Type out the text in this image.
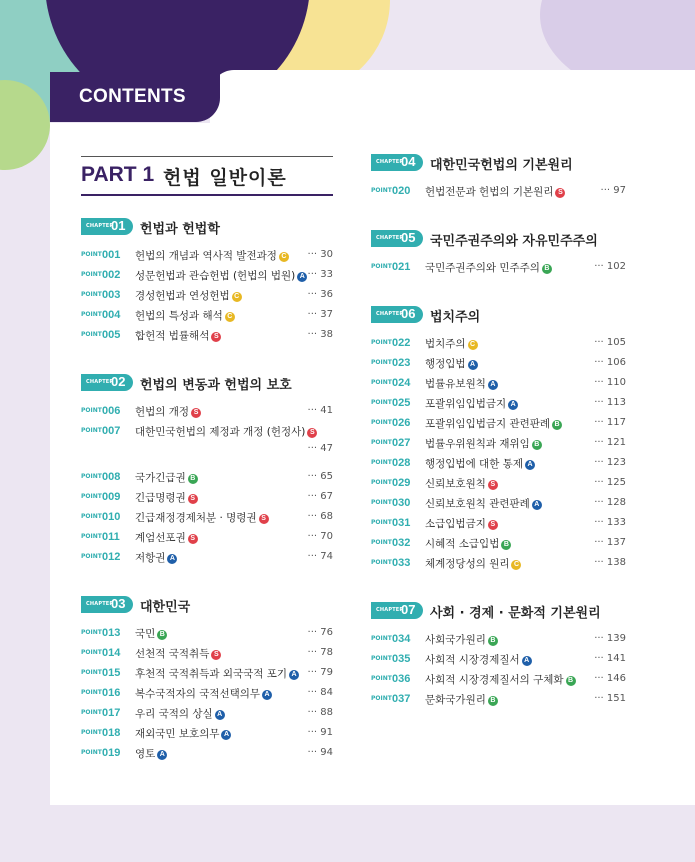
CONTENTS
PART 1 헌법 일반이론
CHAPTER
01 헌법과 헌법학
POINT 001 헌법의 개념과 역사적 발전과정 C ··· 30
POINT 002 성문헌법과 관습헌법 (헌법의 법원) A ··· 33
POINT 003 경성헌법과 연성헌법 C	··· 36
POINT 004 헌법의 특성과 해석 C	··· 37
POINT 005 합헌적 법률해석 S	··· 38
CHAPTER
02 헌법의 변동과 헌법의 보호
POINT 006 헌법의 개정 S	··· 41
POINT 007 대한민국헌법의 제정과 개정 (헌정사) S
··· 47
POINT 008 국가긴급권 B	··· 65
POINT 009 긴급명령권 S	··· 67
POINT 010 긴급재정경제처분 · 명령권 S	··· 68
POINT 011 계엄선포권 S	··· 70
POINT 012 저항권 A	··· 74
CHAPTER
03 대한민국
POINT 013 국민 B	··· 76
POINT 014 선천적 국적취득 S	··· 78
POINT 015 후천적 국적취득과 외국국적 포기 A ··· 79
POINT 016 복수국적자의 국적선택의무 A	··· 84
POINT 017 우리 국적의 상실 A	··· 88
POINT 018 재외국민 보호의무 A	··· 91
POINT 019 영토 A	··· 94
CHAPTER
04 대한민국헌법의 기본원리
POINT 020 헌법전문과 헌법의 기본원리 S	··· 97
CHAPTER
05 국민주권주의와 자유민주주의
POINT 021 국민주권주의와 민주주의 B	··· 102
CHAPTER
06 법치주의
POINT 022 법치주의 C	··· 105
POINT 023 행정입법 A	··· 106
POINT 024 법률유보원칙 A	··· 110
POINT 025 포괄위임입법금지 A	··· 113
POINT 026 포괄위임입법금지 관련판례 B	··· 117
POINT 027 법률우위원칙과 재위임 B	··· 121
POINT 028 행정입법에 대한 통제 A	··· 123
POINT 029 신뢰보호원칙 S	··· 125
POINT 030 신뢰보호원칙 관련판례 A	··· 128
POINT 031 소급입법금지 S	··· 133
POINT 032 시혜적 소급입법 B	··· 137
POINT 033 체계정당성의 원리 C	··· 138
CHAPTER
07 사회 · 경제 · 문화적 기본원리
POINT 034 사회국가원리 B	··· 139
POINT 035 사회적 시장경제질서 A	··· 141
POINT 036 사회적 시장경제질서의 구체화 B ··· 146
POINT 037 문화국가원리 B	··· 151
